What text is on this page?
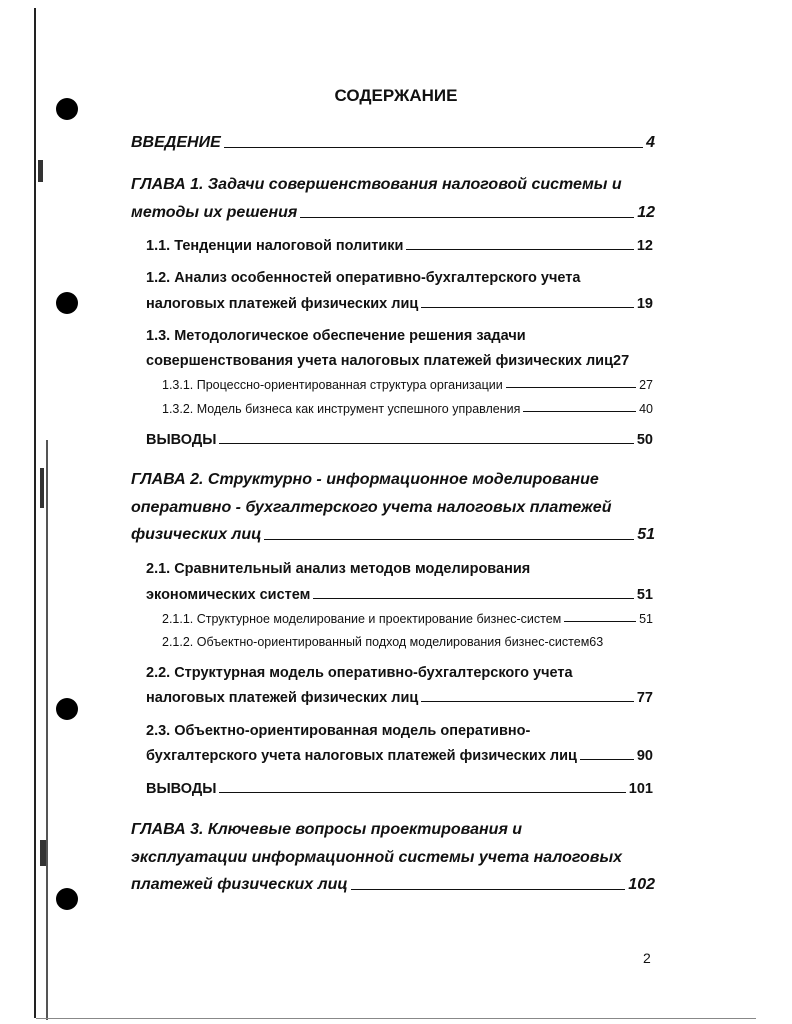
СОДЕРЖАНИЕ
ВВЕДЕНИЕ	4
ГЛАВА 1. Задачи совершенствования налоговой системы и
методы их решения	12
1.1. Тенденции налоговой политики	12
1.2. Анализ особенностей оперативно-бухгалтерского учета
налоговых платежей физических лиц	19
1.3. Методологическое обеспечение решения задачи
совершенствования учета налоговых платежей физических лиц 27
1.3.1. Процессно-ориентированная структура организации	27
1.3.2. Модель бизнеса как инструмент успешного управления	40
ВЫВОДЫ	50
ГЛАВА 2. Структурно - информационное моделирование
оперативно - бухгалтерского учета налоговых платежей
физических лиц	51
2.1. Сравнительный анализ методов моделирования
экономических систем	51
2.1.1. Структурное моделирование и проектирование бизнес-систем	51
2.1.2. Объектно-ориентированный подход моделирования бизнес-систем 63
2.2. Структурная модель оперативно-бухгалтерского учета
налоговых платежей физических лиц	77
2.3. Объектно-ориентированная модель оперативно-
бухгалтерского учета налоговых платежей физических лиц	90
ВЫВОДЫ	101
ГЛАВА 3. Ключевые вопросы проектирования и
эксплуатации информационной системы учета налоговых
платежей физических лиц	102
2
